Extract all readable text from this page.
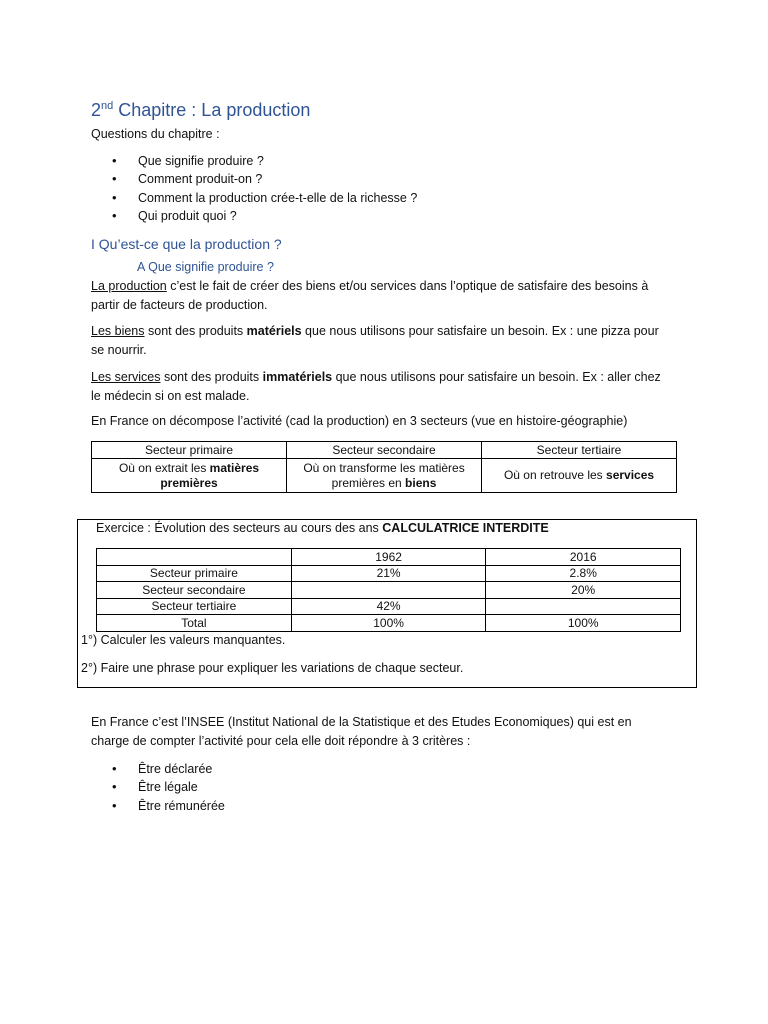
2nd Chapitre : La production
Questions du chapitre :
• Que signifie produire ?
• Comment produit-on ?
• Comment la production crée-t-elle de la richesse ?
• Qui produit quoi ?
I Qu’est-ce que la production ?
A Que signifie produire ?
La production c’est le fait de créer des biens et/ou services dans l’optique de satisfaire des besoins à
partir de facteurs de production.
Les biens sont des produits matériels que nous utilisons pour satisfaire un besoin. Ex : une pizza pour
se nourrir.
Les services sont des produits immatériels que nous utilisons pour satisfaire un besoin. Ex : aller chez
le médecin si on est malade.
En France on décompose l’activité (cad la production) en 3 secteurs (vue en histoire-géographie)
Secteur primaire	Secteur secondaire	Secteur tertiaire
Où on extrait les matières
premières	Où on transforme les matières
premières en biens	Où on retrouve les services
Exercice : Évolution des secteurs au cours des ans CALCULATRICE INTERDITE
	1962	2016
Secteur primaire	21%	2.8%
Secteur secondaire		20%
Secteur tertiaire	42%	
Total	100%	100%
1°) Calculer les valeurs manquantes.
2°) Faire une phrase pour expliquer les variations de chaque secteur.
En France c’est l’INSEE (Institut National de la Statistique et des Etudes Economiques) qui est en
charge de compter l’activité pour cela elle doit répondre à 3 critères :
• Être déclarée
• Être légale
• Être rémunérée
